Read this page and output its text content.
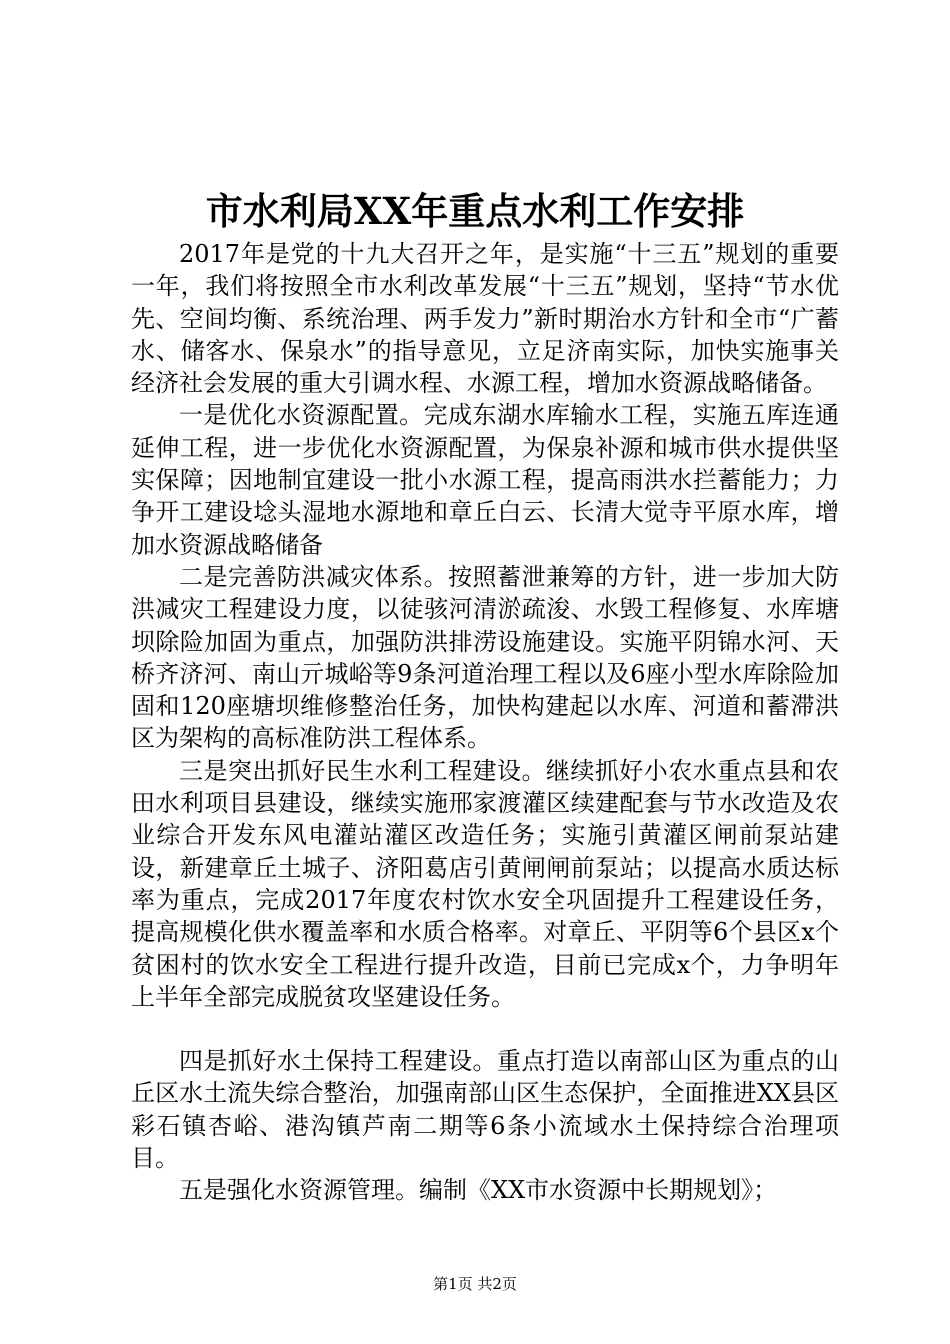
市水利局XX年重点水利工作安排

2017年是党的十九大召开之年，是实施“十三五”规划的重要一年，我们将按照全市水利改革发展“十三五”规划，坚持“节水优先、空间均衡、系统治理、两手发力”新时期治水方针和全市“广蓄水、储客水、保泉水”的指导意见，立足济南实际，加快实施事关经济社会发展的重大引调水程、水源工程，增加水资源战略储备。

一是优化水资源配置。完成东湖水库输水工程，实施五库连通延伸工程，进一步优化水资源配置，为保泉补源和城市供水提供坚实保障；因地制宜建设一批小水源工程，提高雨洪水拦蓄能力；力争开工建设埝头湿地水源地和章丘白云、长清大觉寺平原水库，增加水资源战略储备

二是完善防洪减灾体系。按照蓄泄兼筹的方针，进一步加大防洪减灾工程建设力度，以徒骇河清淤疏浚、水毁工程修复、水库塘坝除险加固为重点，加强防洪排涝设施建设。实施平阴锦水河、天桥齐济河、南山亓城峪等9条河道治理工程以及6座小型水库除险加固和120座塘坝维修整治任务，加快构建起以水库、河道和蓄滞洪区为架构的高标准防洪工程体系。

三是突出抓好民生水利工程建设。继续抓好小农水重点县和农田水利项目县建设，继续实施邢家渡灌区续建配套与节水改造及农业综合开发东风电灌站灌区改造任务；实施引黄灌区闸前泵站建设，新建章丘土城子、济阳葛店引黄闸闸前泵站；以提高水质达标率为重点，完成2017年度农村饮水安全巩固提升工程建设任务，提高规模化供水覆盖率和水质合格率。对章丘、平阴等6个县区x个贫困村的饮水安全工程进行提升改造，目前已完成x个，力争明年上半年全部完成脱贫攻坚建设任务。

四是抓好水土保持工程建设。重点打造以南部山区为重点的山丘区水土流失综合整治，加强南部山区生态保护，全面推进XX县区彩石镇杏峪、港沟镇芦南二期等6条小流域水土保持综合治理项目。

五是强化水资源管理。编制《XX市水资源中长期规划》；

第1页 共2页
